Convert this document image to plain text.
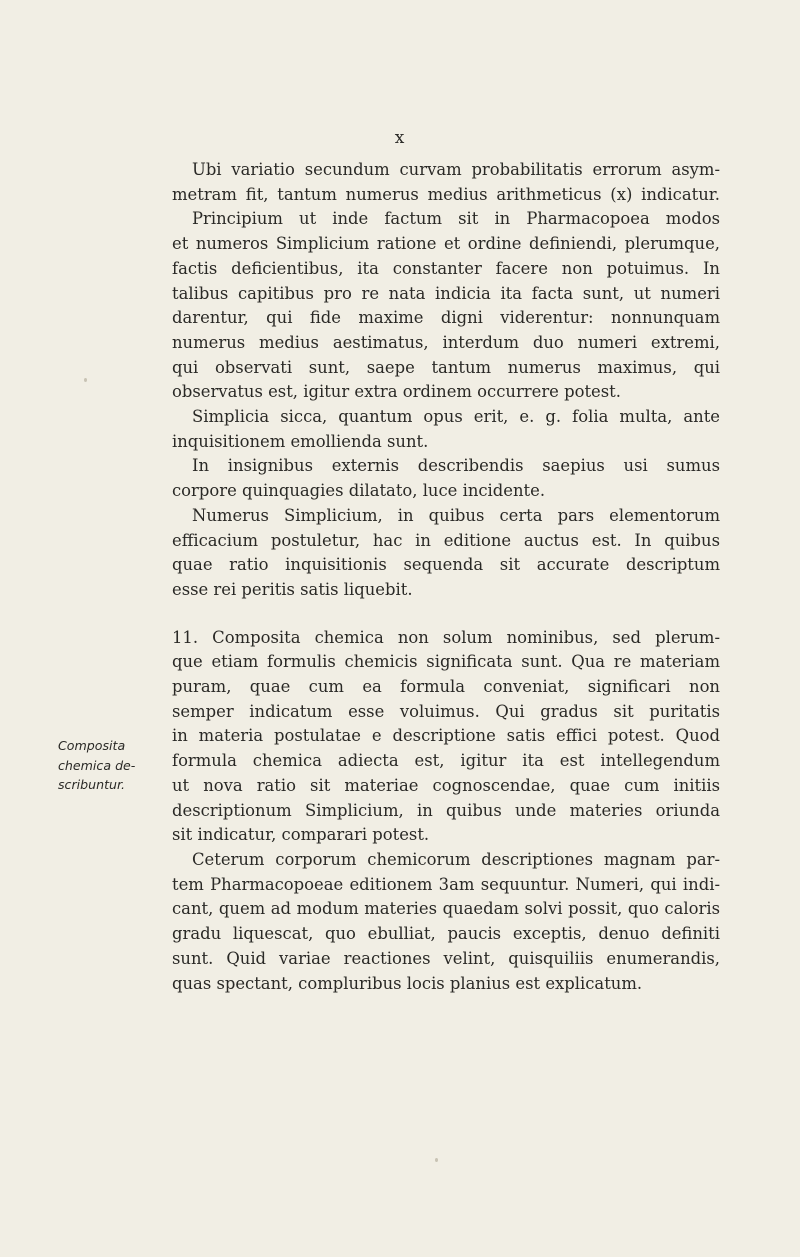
x
Composita
chemica de-
scribuntur.
Ubi variatio secundum curvam probabilitatis errorum asym-
metram fit, tantum numerus medius arithmeticus (x) indicatur.
Principium ut inde factum sit in Pharmacopoea modos
et numeros Simplicium ratione et ordine definiendi, plerumque,
factis deficientibus, ita constanter facere non potuimus. In
talibus capitibus pro re nata indicia ita facta sunt, ut numeri
darentur, qui fide maxime digni viderentur: nonnunquam
numerus medius aestimatus, interdum duo numeri extremi,
qui observati sunt, saepe tantum numerus maximus, qui
observatus est, igitur extra ordinem occurrere potest.
Simplicia sicca, quantum opus erit, e. g. folia multa, ante
inquisitionem emollienda sunt.
In insignibus externis describendis saepius usi sumus
corpore quinquagies dilatato, luce incidente.
Numerus Simplicium, in quibus certa pars elementorum
efficacium postuletur, hac in editione auctus est. In quibus
quae ratio inquisitionis sequenda sit accurate descriptum
esse rei peritis satis liquebit.
11. Composita chemica non solum nominibus, sed plerum-
que etiam formulis chemicis significata sunt. Qua re materiam
puram, quae cum ea formula conveniat, significari non
semper indicatum esse voluimus. Qui gradus sit puritatis
in materia postulatae e descriptione satis effici potest. Quod
formula chemica adiecta est, igitur ita est intellegendum
ut nova ratio sit materiae cognoscendae, quae cum initiis
descriptionum Simplicium, in quibus unde materies oriunda
sit indicatur, comparari potest.
Ceterum corporum chemicorum descriptiones magnam par-
tem Pharmacopoeae editionem 3am sequuntur. Numeri, qui indi-
cant, quem ad modum materies quaedam solvi possit, quo caloris
gradu liquescat, quo ebulliat, paucis exceptis, denuo definiti
sunt. Quid variae reactiones velint, quisquiliis enumerandis,
quas spectant, compluribus locis planius est explicatum.
